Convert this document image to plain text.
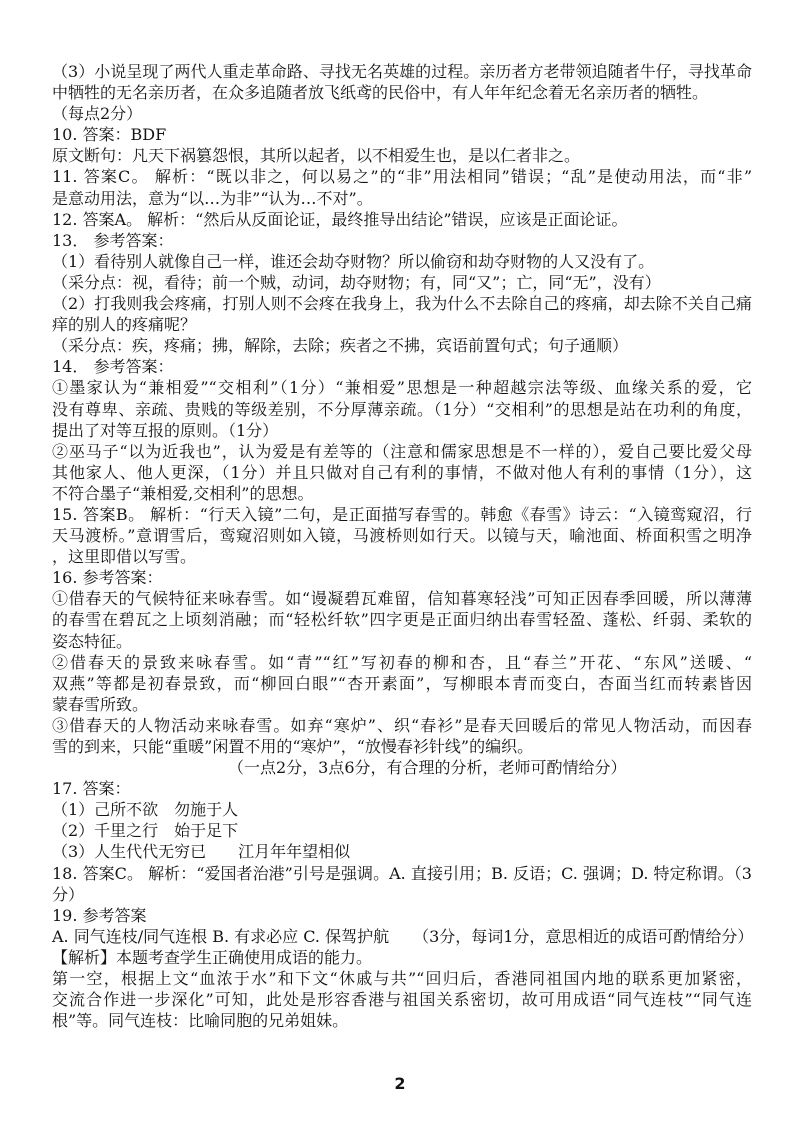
（3）小说呈现了两代人重走革命路、寻找无名英雄的过程。亲历者方老带领追随者牛仔，寻找革命
中牺牲的无名亲历者，在众多追随者放飞纸鸢的民俗中，有人年年纪念着无名亲历者的牺牲。
（每点2分）
10. 答案：BDF
原文断句：凡天下祸篡怨恨，其所以起者，以不相爱生也，是以仁者非之。
11. 答案C。 解析：“既以非之，何以易之”的“非”用法相同”错误；“乱”是使动用法，而“非”
是意动用法，意为“以…为非”“认为…不对”。
12. 答案A。 解析：“然后从反面论证，最终推导出结论”错误，应该是正面论证。
13． 参考答案：
（1）看待别人就像自己一样，谁还会劫夺财物？所以偷窃和劫夺财物的人又没有了。
（采分点：视，看待；前一个贼，动词，劫夺财物；有，同“又”；亡，同“无”，没有）
（2）打我则我会疼痛，打别人则不会疼在我身上，我为什么不去除自己的疼痛，却去除不关自己痛
痒的别人的疼痛呢？
（采分点：疾，疼痛；拂，解除，去除；疾者之不拂，宾语前置句式；句子通顺）
14． 参考答案：
①墨家认为“兼相爱”“交相利”（1分）“兼相爱”思想是一种超越宗法等级、血缘关系的爱，它
没有尊卑、亲疏、贵贱的等级差别，不分厚薄亲疏。（1分）“交相利”的思想是站在功利的角度，
提出了对等互报的原则。（1分）
②巫马子“以为近我也”，认为爱是有差等的（注意和儒家思想是不一样的），爱自己要比爱父母
其他家人、他人更深，（1分）并且只做对自己有利的事情，不做对他人有利的事情（1分），这
不符合墨子“兼相爱,交相利”的思想。
15. 答案B。 解析：“行天入镜”二句，是正面描写春雪的。韩愈《春雪》诗云：“入镜鸾窥沼，行
天马渡桥。”意谓雪后，鸾窥沼则如入镜，马渡桥则如行天。以镜与天，喻池面、桥面积雪之明净
，这里即借以写雪。
16. 参考答案：
①借春天的气候特征来咏春雪。如“谩凝碧瓦难留，信知暮寒轻浅”可知正因春季回暖，所以薄薄
的春雪在碧瓦之上顷刻消融；而“轻松纤软”四字更是正面归纳出春雪轻盈、蓬松、纤弱、柔软的
姿态特征。
②借春天的景致来咏春雪。如“青”“红”写初春的柳和杏，且“春兰”开花、“东风”送暖、“
双燕”等都是初春景致，而“柳回白眼”“杏开素面”，写柳眼本青而变白，杏面当红而转素皆因
蒙春雪所致。
③借春天的人物活动来咏春雪。如弃“寒炉”、织“春衫”是春天回暖后的常见人物活动，而因春
雪的到来，只能“重暖”闲置不用的“寒炉”，“放慢春衫针线”的编织。
（一点2分，3点6分，有合理的分析，老师可酌情给分）
17. 答案：
（1）己所不欲　勿施于人
（2）千里之行　始于足下
（3）人生代代无穷已　　江月年年望相似
18. 答案C。 解析：“爱国者治港”引号是强调。A. 直接引用；B. 反语；C. 强调；D. 特定称谓。（3
分）
19. 参考答案
A. 同气连枝/同气连根 B. 有求必应 C. 保驾护航　　（3分，每词1分，意思相近的成语可酌情给分）
【解析】本题考查学生正确使用成语的能力。
第一空，根据上文“血浓于水”和下文“休戚与共”“回归后，香港同祖国内地的联系更加紧密，
交流合作进一步深化”可知，此处是形容香港与祖国关系密切，故可用成语“同气连枝”“同气连
根”等。同气连枝：比喻同胞的兄弟姐妹。
2
